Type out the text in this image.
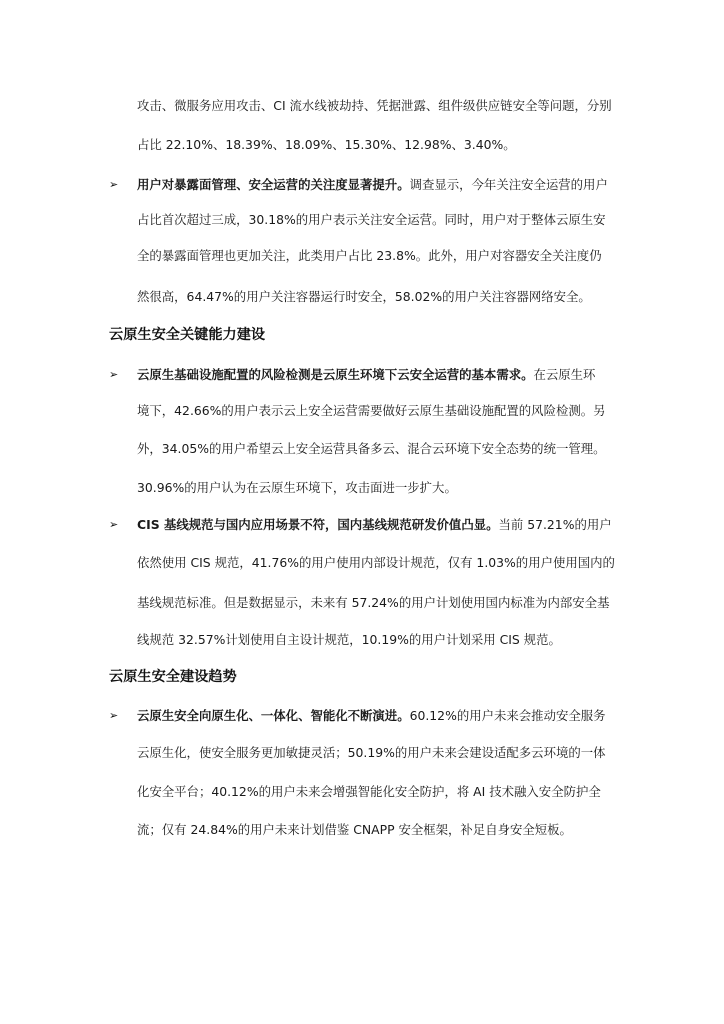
攻击、微服务应用攻击、CI 流水线被劫持、凭据泄露、组件级供应链安全等问题，分别
占比 22.10%、18.39%、18.09%、15.30%、12.98%、3.40%。
➢ 用户对暴露面管理、安全运营的关注度显著提升。调查显示，今年关注安全运营的用户
占比首次超过三成，30.18%的用户表示关注安全运营。同时，用户对于整体云原生安
全的暴露面管理也更加关注，此类用户占比 23.8%。此外，用户对容器安全关注度仍
然很高，64.47%的用户关注容器运行时安全，58.02%的用户关注容器网络安全。
云原生安全关键能力建设
➢ 云原生基础设施配置的风险检测是云原生环境下云安全运营的基本需求。在云原生环
境下，42.66%的用户表示云上安全运营需要做好云原生基础设施配置的风险检测。另
外，34.05%的用户希望云上安全运营具备多云、混合云环境下安全态势的统一管理。
30.96%的用户认为在云原生环境下，攻击面进一步扩大。
➢ CIS 基线规范与国内应用场景不符，国内基线规范研发价值凸显。当前 57.21%的用户
依然使用 CIS 规范，41.76%的用户使用内部设计规范，仅有 1.03%的用户使用国内的
基线规范标准。但是数据显示，未来有 57.24%的用户计划使用国内标准为内部安全基
线规范 32.57%计划使用自主设计规范，10.19%的用户计划采用 CIS 规范。
云原生安全建设趋势
➢ 云原生安全向原生化、一体化、智能化不断演进。60.12%的用户未来会推动安全服务
云原生化，使安全服务更加敏捷灵活；50.19%的用户未来会建设适配多云环境的一体
化安全平台；40.12%的用户未来会增强智能化安全防护，将 AI 技术融入安全防护全
流；仅有 24.84%的用户未来计划借鉴 CNAPP 安全框架，补足自身安全短板。
